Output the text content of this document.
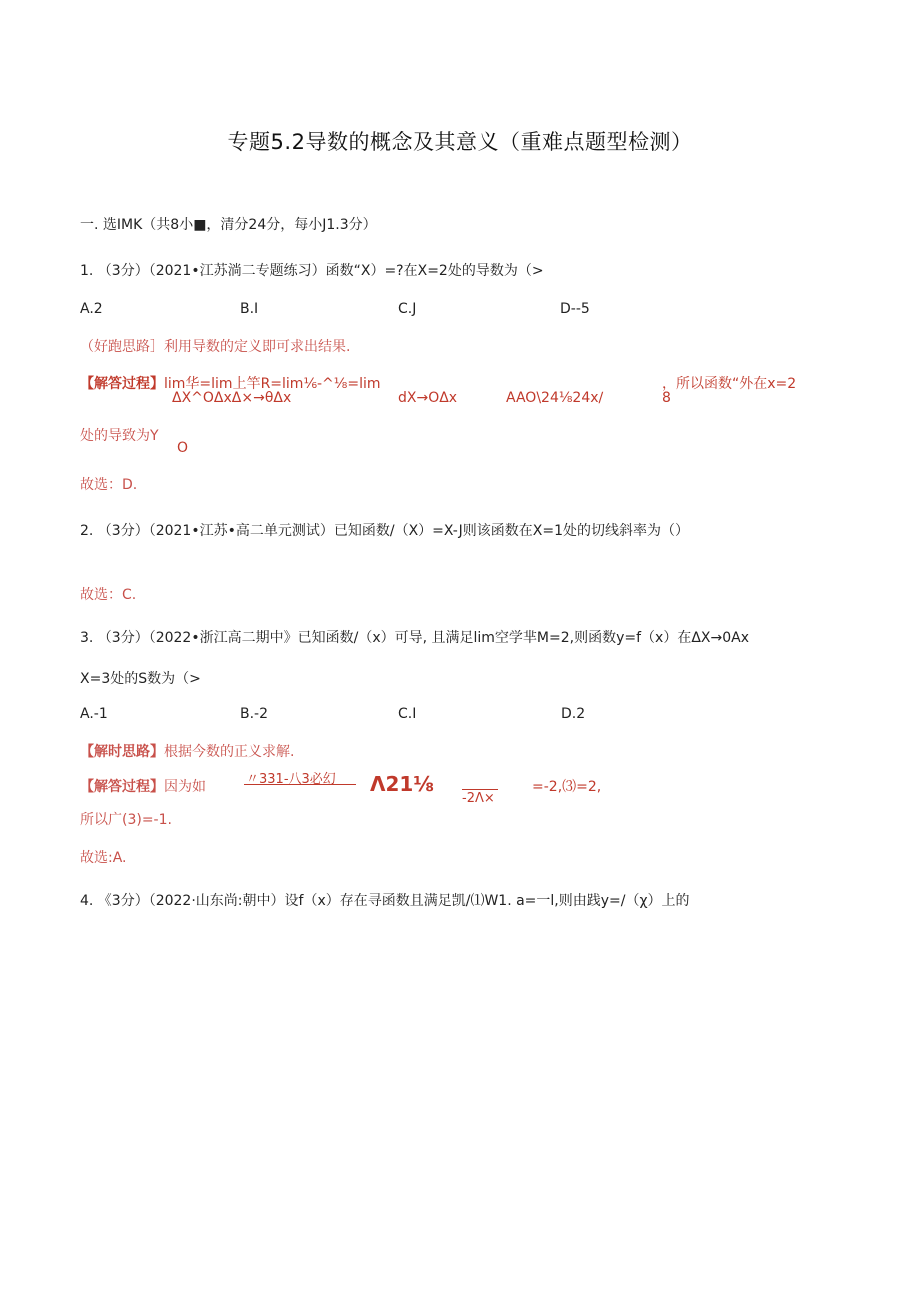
专题5.2导数的概念及其意义（重难点题型检测）
一. 选IMK（共8小■，清分24分，每小J1.3分）
1. （3分）（2021•江苏淌二专题练习）函数“X）=?在X=2处的导数为（>
A.2	B.I	C.J	D--5
（好跑思路］利用导数的定义即可求出结果.
【解答过程】lim华=lim上竿R=lim⅙-^⅛=lim
ΔX^OΔxΔ×→θΔx	dX→OΔx	AAO\24⅛24x∕
，所以函数“外在x=2
8
处的导致为Y
O
故选：D.
2. （3分）（2021•江苏•高二单元测试）已知函数/（X）=X-J则该函数在X=1处的切线斜率为（）
故选：C.
3. （3分）（2022•浙江高二期中》已知函数/（x）可导, 且满足lim空学芈M=2,则函数y=f（x）在ΔX→0Ax
X=3处的S数为（>
A.-1	B.-2	C.I	D.2
【解时思路】根据今数的正义求解.
【解答过程】因为如	〃331-八3必幻 Λ21⅛
-2Λ×
=-2,⑶=2,
所以广(3)=-1.
故选:A.
4. 《3分）（2022·山东尚:朝中）设f（x）存在寻函数且满足凯/⑴W1. a=一l,则由践y=/（χ）上的
